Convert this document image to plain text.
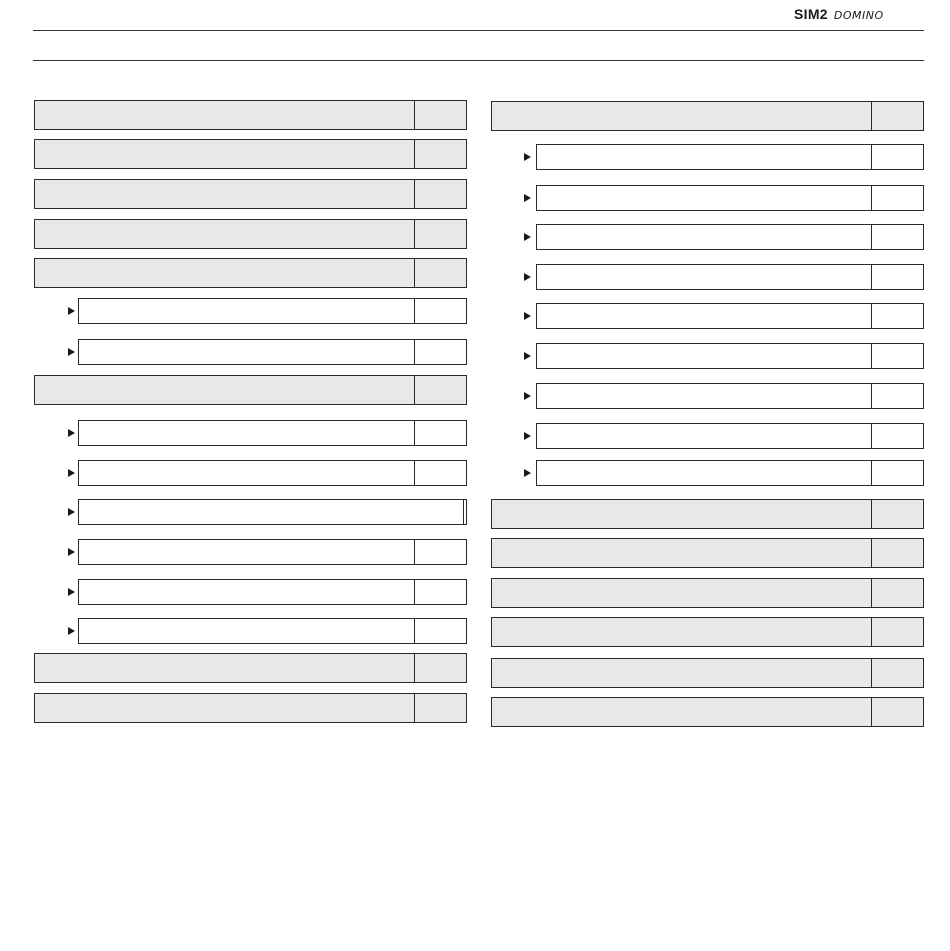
SIM2 DOMINO
